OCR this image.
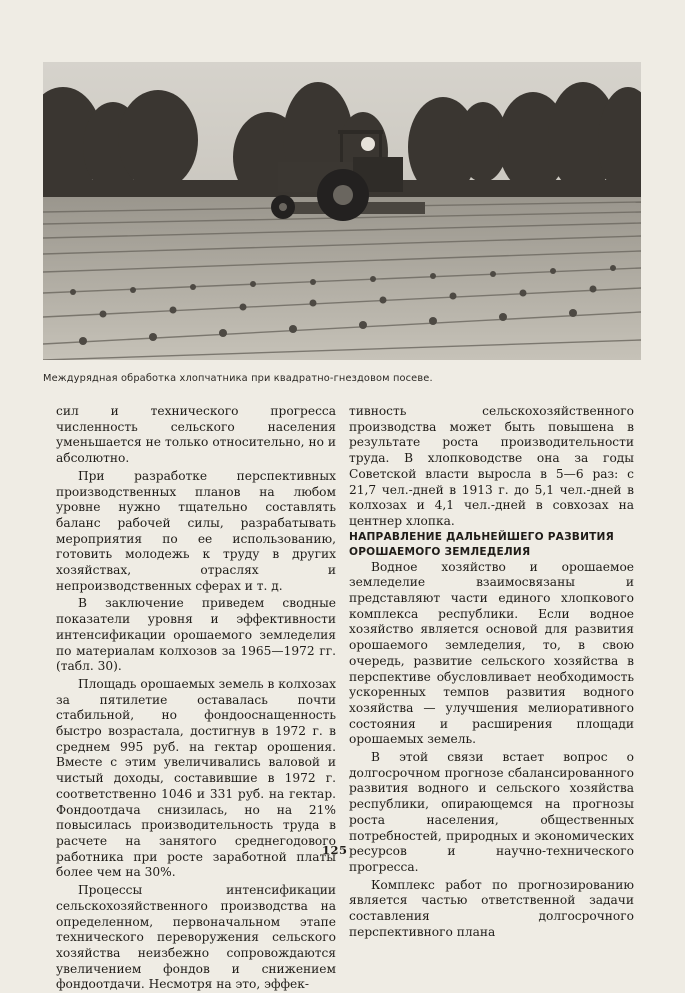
Междурядная обработка хлопчатника при квадратно-гнездовом посеве.

сил и технического прогресса численность сельского населения уменьшается не только относительно, но и абсолютно.

При разработке перспективных производственных планов на любом уровне нужно тщательно составлять баланс рабочей силы, разрабатывать мероприятия по ее использованию, готовить молодежь к труду в других хозяйствах, отраслях и непроизводственных сферах и т. д.

В заключение приведем сводные показатели уровня и эффективности интенсификации орошаемого земледелия по материалам колхозов за 1965—1972 гг. (табл. 30).

Площадь орошаемых земель в колхозах за пятилетие оставалась почти стабильной, но фондооснащенность быстро возрастала, достигнув в 1972 г. в среднем 995 руб. на гектар орошения. Вместе с этим увеличивались валовой и чистый доходы, составившие в 1972 г. соответственно 1046 и 331 руб. на гектар. Фондоотдача снизилась, но на 21% повысилась производительность труда в расчете на занятого среднегодового работника при росте заработной платы более чем на 30%.

Процессы интенсификации сельскохозяйственного производства на определенном, первоначальном этапе технического переворужения сельского хозяйства неизбежно сопровождаются увеличением фондов и снижением фондоотдачи. Несмотря на это, эффек-

тивность сельскохозяйственного производства может быть повышена в результате роста производительности труда. В хлопководстве она за годы Советской власти выросла в 5—6 раз: с 21,7 чел.-дней в 1913 г. до 5,1 чел.-дней в колхозах и 4,1 чел.-дней в совхозах на центнер хлопка.

НАПРАВЛЕНИЕ ДАЛЬНЕЙШЕГО РАЗВИТИЯ ОРОШАЕМОГО ЗЕМЛЕДЕЛИЯ

Водное хозяйство и орошаемое земледелие взаимосвязаны и представляют части единого хлопкового комплекса республики. Если водное хозяйство является основой для развития орошаемого земледелия, то, в свою очередь, развитие сельского хозяйства в перспективе обусловливает необходимость ускоренных темпов развития водного хозяйства — улучшения мелиоративного состояния и расширения площади орошаемых земель.

В этой связи встает вопрос о долгосрочном прогнозе сбалансированного развития водного и сельского хозяйства республики, опирающемся на прогнозы роста населения, общественных потребностей, природных и экономических ресурсов и научно-технического прогресса.

Комплекс работ по прогнозированию является частью ответственной задачи составления долгосрочного перспективного плана

125
